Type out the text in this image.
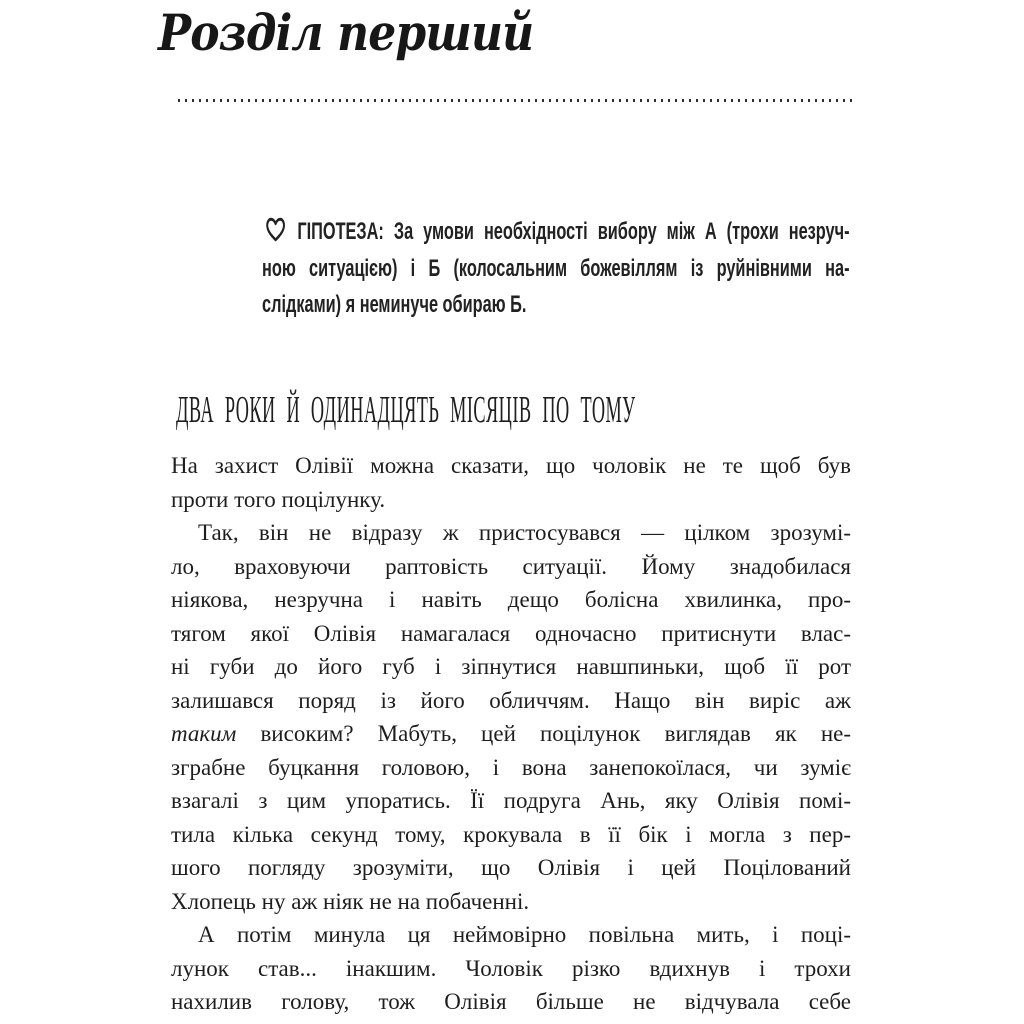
Розділ перший
ГІПОТЕЗА: За умови необхідності вибору між А (трохи незруч-
ною ситуацією) і Б (колосальним божевіллям із руйнівними на-
слідками) я неминуче обираю Б.
ДВА РОКИ Й ОДИНАДЦЯТЬ МІСЯЦІВ ПО ТОМУ
На захист Олівії можна сказати, що чоловік не те щоб був
проти того поцілунку.
Так, він не відразу ж пристосувався — цілком зрозумі-
ло, враховуючи раптовість ситуації. Йому знадобилася
ніякова, незручна і навіть дещо болісна хвилинка, про-
тягом якої Олівія намагалася одночасно притиснути влас-
ні губи до його губ і зіпнутися навшпиньки, щоб її рот
залишався поряд із його обличчям. Нащо він виріс аж
таким високим? Мабуть, цей поцілунок виглядав як не-
зграбне буцкання головою, і вона занепокоїлася, чи зуміє
взагалі з цим упоратись. Її подруга Ань, яку Олівія помі-
тила кілька секунд тому, крокувала в її бік і могла з пер-
шого погляду зрозуміти, що Олівія і цей Поцілований
Хлопець ну аж ніяк не на побаченні.
А потім минула ця неймовірно повільна мить, і поці-
лунок став... інакшим. Чоловік різко вдихнув і трохи
нахилив голову, тож Олівія більше не відчувала себе
